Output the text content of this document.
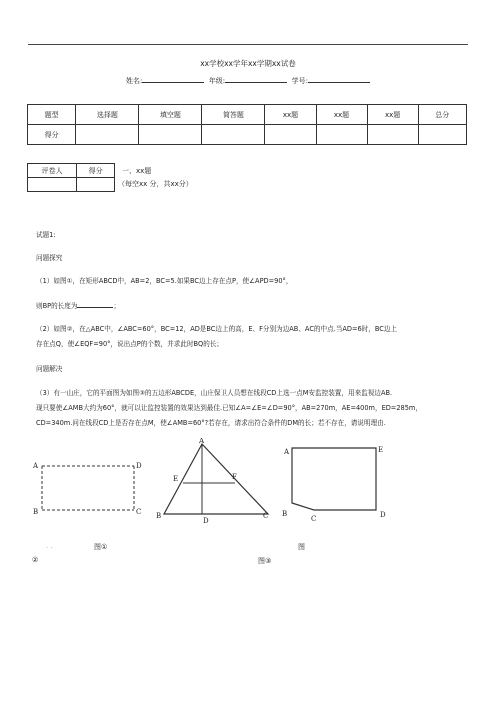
xx学校xx学年xx学期xx试卷
姓名:	年级:	学号:
题型	选择题	填空题	简答题	xx题	xx题	xx题	总分
得分							
评卷人	得分
		一、xx题
（每空xx 分，共xx分）
试题1:
问题探究
（1）如图①，在矩形ABCD中，AB=2，BC=5.如果BC边上存在点P，使∠APD=90°，
则BP的长度为	；
（2）如图②，在△ABC中，∠ABC=60°，BC=12，AD是BC边上的高，E、F分别为边AB、AC的中点.当AD=6时，BC边上
存在点Q，使∠EQF=90°，说出点P的个数，并求此时BQ的长；
问题解决
（3）有一山庄，它的平面图为如图③的五边形ABCDE，山庄保卫人员想在线段CD上选一点M安监控装置，用来监视边AB.
现只要使∠AMB大约为60°，就可以让监控装置的效果达到最佳.已知∠A=∠E=∠D=90°，AB=270m，AE=400m，ED=285m，
CD=340m.问在线段CD上是否存在点M，使∠AMB=60°?若存在，请求出符合条件的DM的长；若不存在，请说明理由.
A	D
B	C
A
E	F
B
D
C
A	E
B
C	D
. .	图①	图
②	图③
